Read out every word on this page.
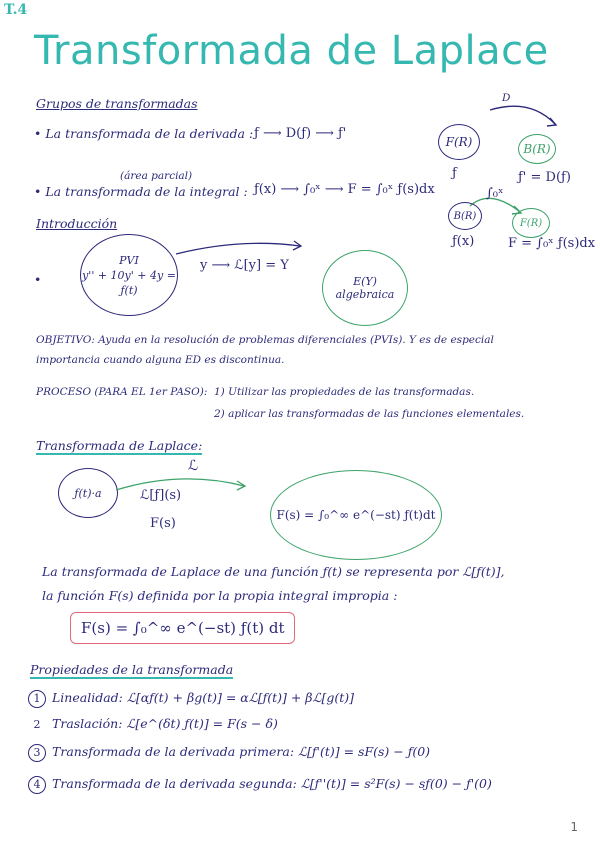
T.4
Transformada de Laplace
Grupos de transformadas
• La transformada de la derivada : ƒ ⟶ D(ƒ) ⟶ ƒ'
(área parcial)
• La transformada de la integral : ƒ(x) ⟶ ∫₀ˣ ⟶ F = ∫₀ˣ ƒ(s)dx
D
F(R)	B(R)
ƒ	ƒ' = D(ƒ)
B(R)
∫₀ˣ
F(R)
ƒ(x)	F = ∫₀ˣ ƒ(s)dx
Introducción
•
PVI
y'' + 10y' + 4y =
ƒ(t)
y ⟶ ℒ[y] = Y
E(Y)
algebraica
OBJETIVO: Ayuda en la resolución de problemas diferenciales (PVIs). Y es de especial
importancia cuando alguna ED es discontinua.
PROCESO (PARA EL 1er PASO): 1) Utilizar las propiedades de las transformadas.
2) aplicar las transformadas de las funciones elementales.
Transformada de Laplace:
ℒ
ƒ(t)·a	ℒ[ƒ](s)
F(s)
F(s) = ∫₀^∞ e^(−st) ƒ(t)dt
La transformada de Laplace de una función ƒ(t) se representa por ℒ[ƒ(t)],
la función F(s) definida por la propia integral impropia :
F(s) = ∫₀^∞ e^(−st) ƒ(t) dt
Propiedades de la transformada
1 Linealidad: ℒ[αƒ(t) + βg(t)] = αℒ[ƒ(t)] + βℒ[g(t)]
2 Traslación: ℒ[e^(δt) ƒ(t)] = F(s − δ)
3 Transformada de la derivada primera: ℒ[ƒ'(t)] = sF(s) − ƒ(0)
4 Transformada de la derivada segunda: ℒ[ƒ''(t)] = s²F(s) − sƒ(0) − ƒ'(0)
1
